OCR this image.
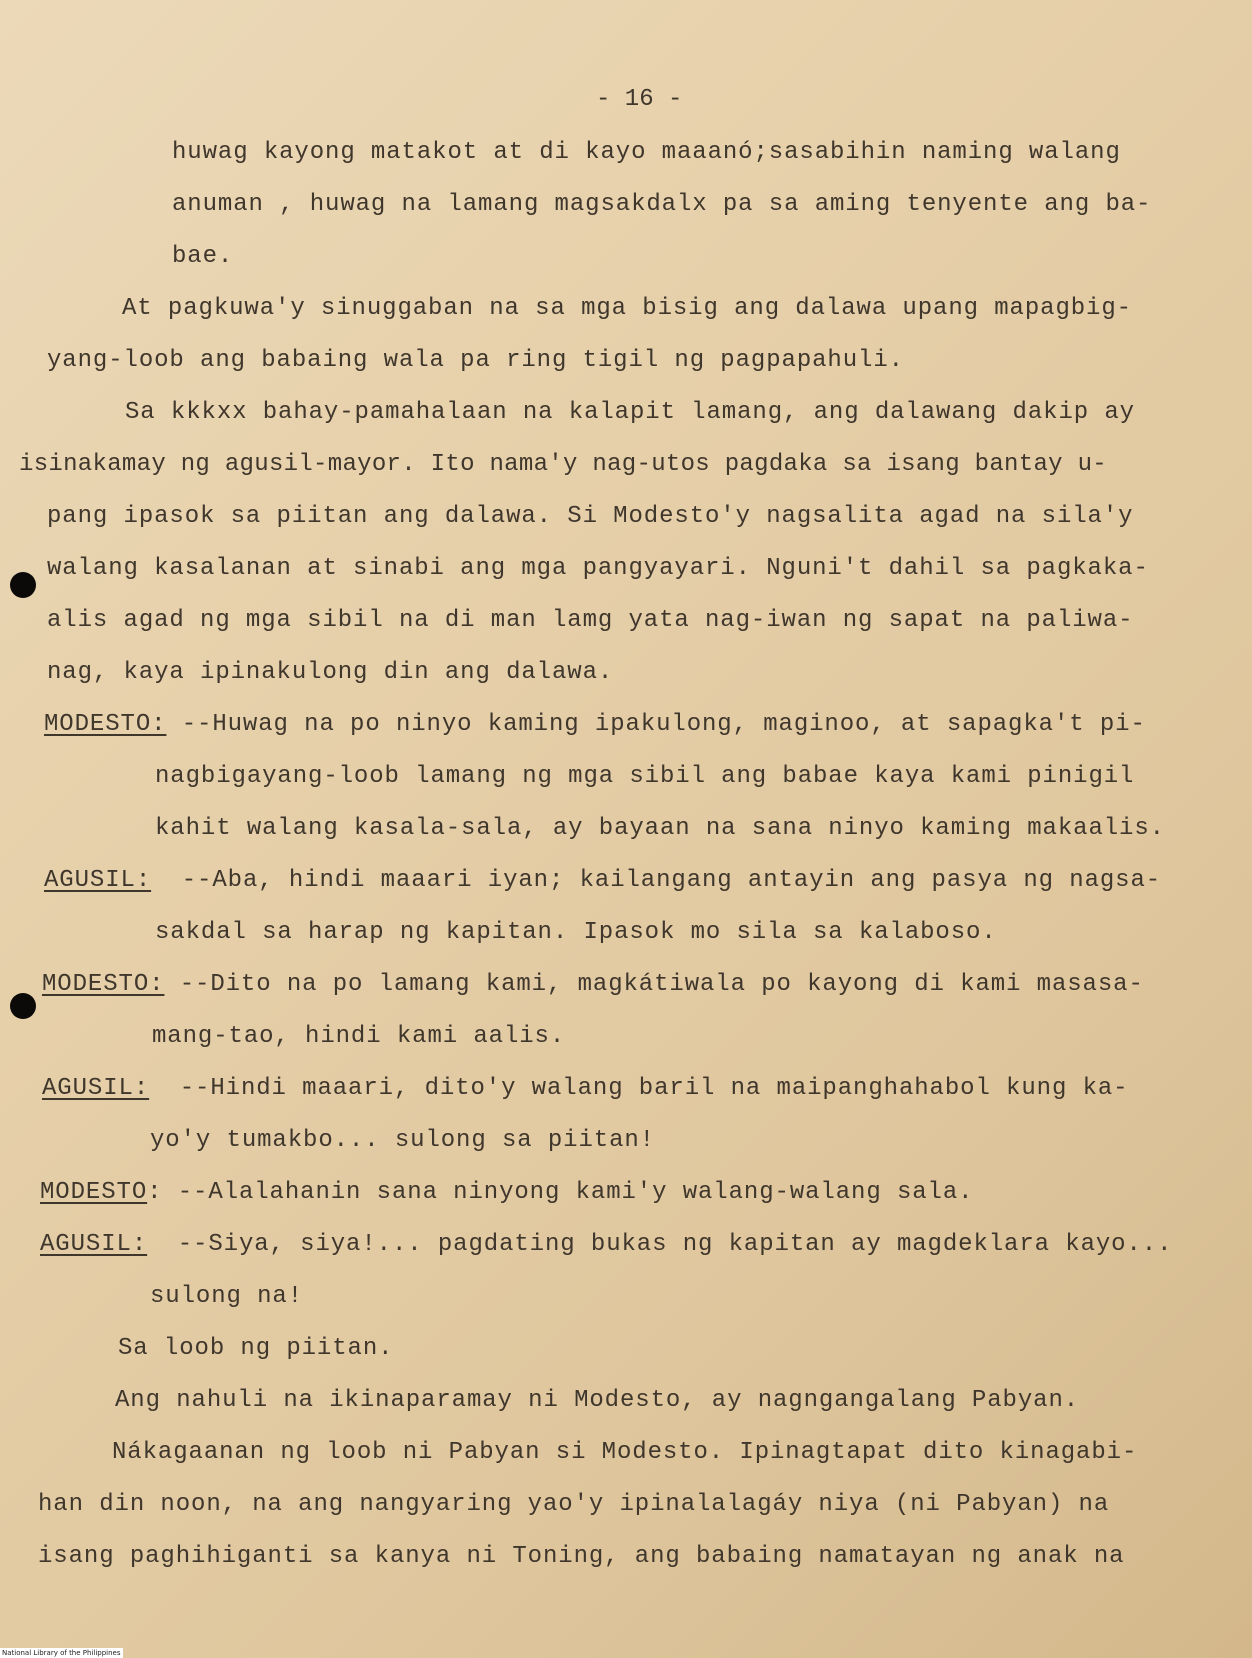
- 16 -
huwag kayong matakot at di kayo maaanó;sasabihin naming walang
anuman , huwag na lamang magsakdalx pa sa aming tenyente ang ba-
bae.
At pagkuwa'y sinuggaban na sa mga bisig ang dalawa upang mapagbig-
yang-loob ang babaing wala pa ring tigil ng pagpapahuli.
Sa kkkxx bahay-pamahalaan na kalapit lamang, ang dalawang dakip ay
isinakamay ng agusil-mayor. Ito nama'y nag-utos pagdaka sa isang bantay u-
pang ipasok sa piitan ang dalawa. Si Modesto'y nagsalita agad na sila'y
walang kasalanan at sinabi ang mga pangyayari. Nguni't dahil sa pagkaka-
alis agad ng mga sibil na di man lamg yata nag-iwan ng sapat na paliwa-
nag, kaya ipinakulong din ang dalawa.
MODESTO: --Huwag na po ninyo kaming ipakulong, maginoo, at sapagka't pi-
nagbigayang-loob lamang ng mga sibil ang babae kaya kami pinigil
kahit walang kasala-sala, ay bayaan na sana ninyo kaming makaalis.
AGUSIL:  --Aba, hindi maaari iyan; kailangang antayin ang pasya ng nagsa-
sakdal sa harap ng kapitan. Ipasok mo sila sa kalaboso.
MODESTO: --Dito na po lamang kami, magkátiwala po kayong di kami masasa-
mang-tao, hindi kami aalis.
AGUSIL:  --Hindi maaari, dito'y walang baril na maipanghahabol kung ka-
yo'y tumakbo... sulong sa piitan!
MODESTO: --Alalahanin sana ninyong kami'y walang-walang sala.
AGUSIL:  --Siya, siya!... pagdating bukas ng kapitan ay magdeklara kayo...
sulong na!
Sa loob ng piitan.
Ang nahuli na ikinaparamay ni Modesto, ay nagngangalang Pabyan.
Nákagaanan ng loob ni Pabyan si Modesto. Ipinagtapat dito kinagabi-
han din noon, na ang nangyaring yao'y ipinalalagáy niya (ni Pabyan) na
isang paghihiganti sa kanya ni Toning, ang babaing namatayan ng anak na
National Library of the Philippines
